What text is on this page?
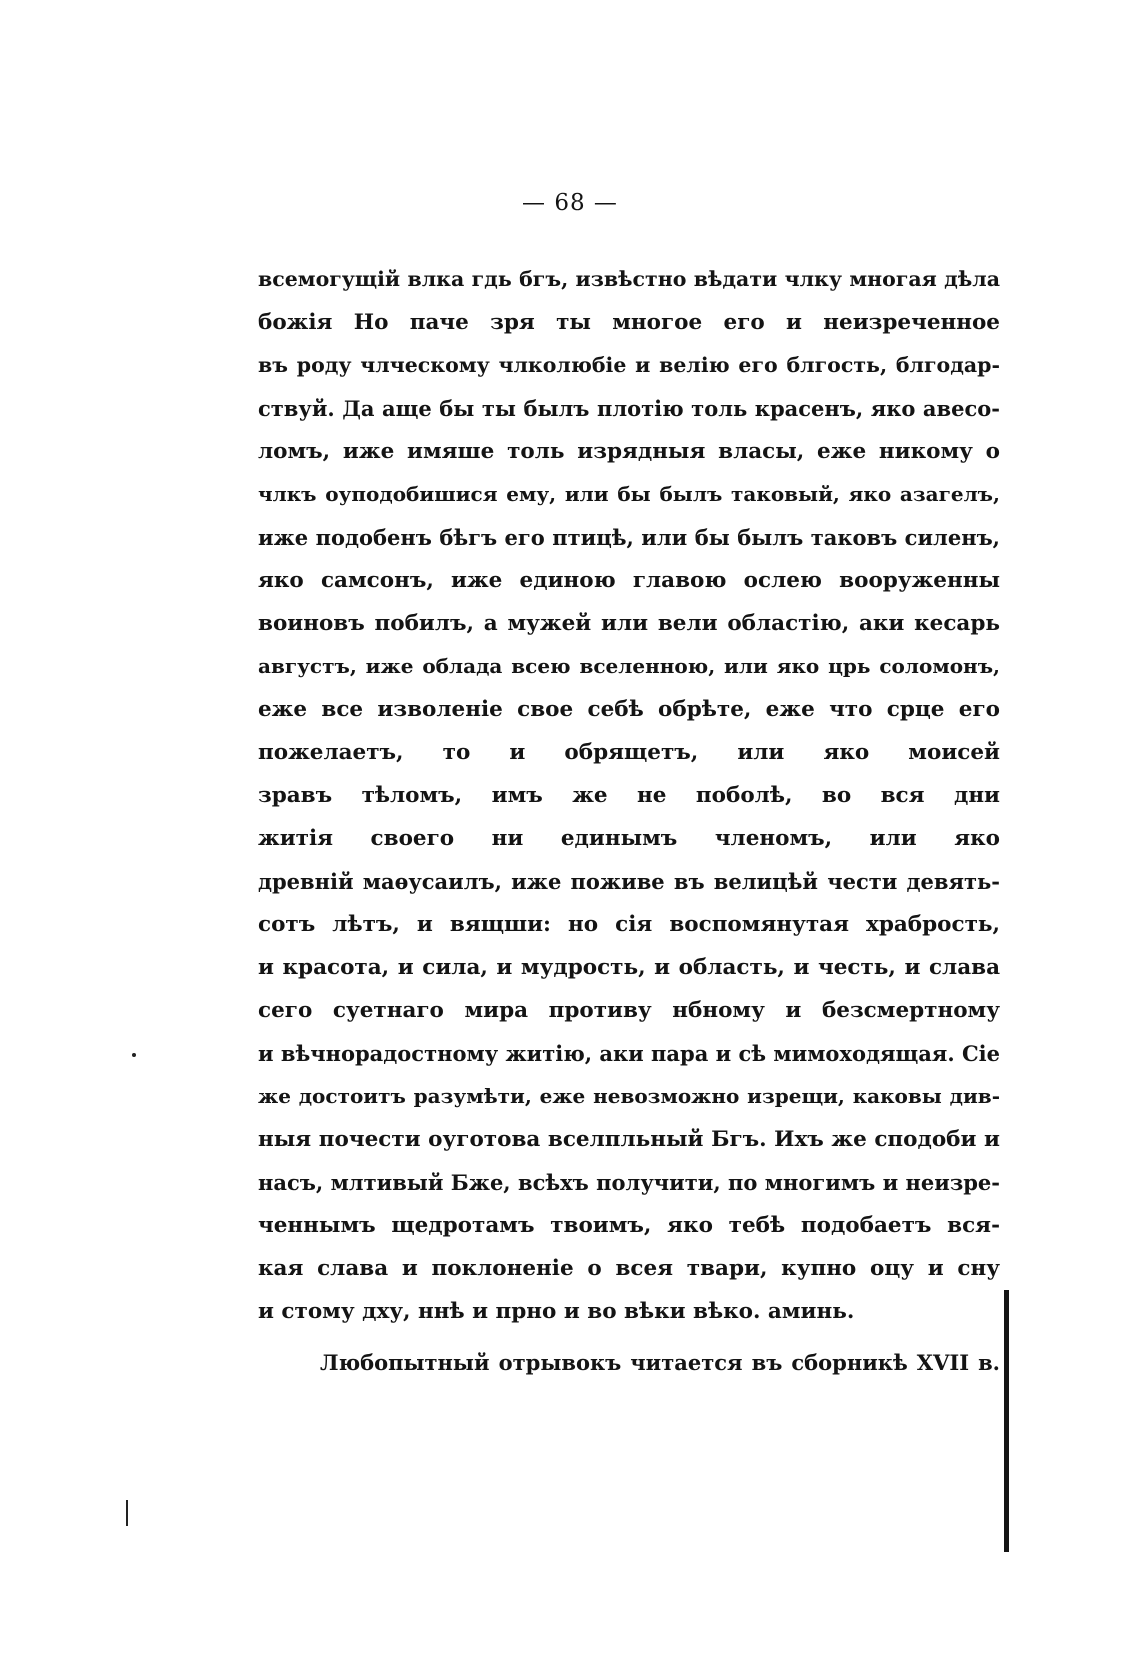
— 68 —
всемогущій влка гдь бгъ, извѣстно вѣдати члку многая дѣла
божія Но паче зря ты многое его и неизреченное
въ роду члческому члколюбіе и велію его блгость, блгодар-
ствуй. Да аще бы ты былъ плотію толь красенъ, яко авесо-
ломъ, иже имяше толь изрядныя власы, еже никому о
члкъ оуподобишися ему, или бы былъ таковый, яко азагелъ,
иже подобенъ бѣгъ его птицѣ, или бы былъ таковъ силенъ,
яко самсонъ, иже единою главою ослею вооруженны
воиновъ побилъ, а мужей или вели областію, аки кесарь
августъ, иже облада всею вселенною, или яко црь соломонъ,
еже все изволеніе свое себѣ обрѣте, еже что срце его
пожелаетъ, то и обрящетъ, или яко моисей
зравъ тѣломъ, имъ же не поболѣ, во вся дни
житія своего ни единымъ членомъ, или яко
древній маѳусаилъ, иже поживе въ велицѣй чести девять-
сотъ лѣтъ, и вящши: но сія воспомянутая храбрость,
и красота, и сила, и мудрость, и область, и честь, и слава
сего суетнаго мира противу нбному и безсмертному
и вѣчнорадостному житію, аки пара и сѣ мимоходящая. Сіе
же достоитъ разумѣти, еже невозможно изрещи, каковы див-
ныя почести оуготова вселпльный Бгъ. Ихъ же сподоби и
насъ, млтивый Бже, всѣхъ получити, по многимъ и неизре-
ченнымъ щедротамъ твоимъ, яко тебѣ подобаетъ вся-
кая слава и поклоненіе о всея твари, купно оцу и сну
и стому дху, ннѣ и прно и во вѣки вѣко. аминь.
Любопытный отрывокъ читается въ сборникѣ XVII в.
